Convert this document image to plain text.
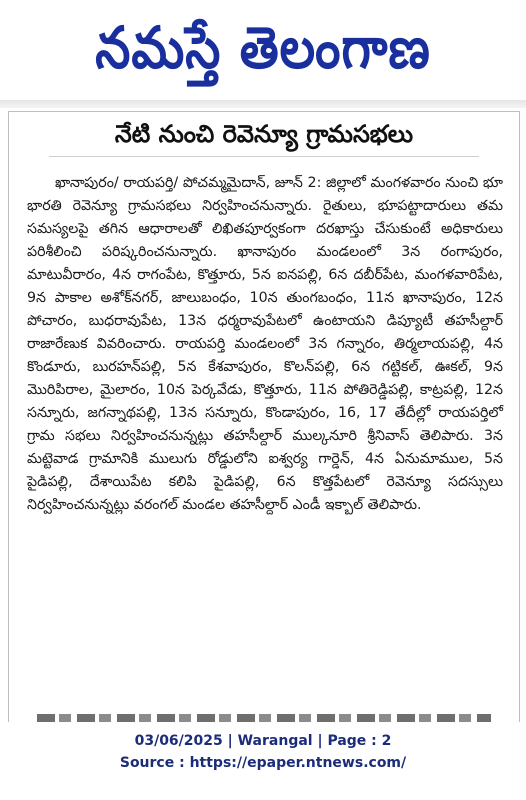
నమస్తే తెలంగాణ
నేటి నుంచి రెవెన్యూ గ్రామసభలు

ఖానాపురం/ రాయపర్తి/ పోచమ్మమైదాన్, జూన్ 2: జిల్లాలో మంగళవారం నుంచి భూ భారతి రెవెన్యూ గ్రామసభలు నిర్వహించనున్నారు. రైతులు, భూపట్టాదారులు తమ సమస్యలపై తగిన ఆధారాలతో లిఖితపూర్వకంగా దరఖాస్తు చేసుకుంటే అధికారులు పరిశీలించి పరిష్కరించనున్నారు. ఖానాపురం మండలంలో 3న రంగాపురం, మాటువీరారం, 4న రాగంపేట, కొత్తూరు, 5న ఐనపల్లి, 6న దబీర్‌పేట, మంగళవారిపేట, 9న పాకాల అశోక్‌నగర్, జాలుబంధం, 10న తుంగబంధం, 11న ఖానాపురం, 12న పోచారం, బుధరావుపేట, 13న ధర్మరావుపేటలో ఉంటాయని డిప్యూటీ తహసీల్దార్ రాజారేణుక వివరించారు. రాయపర్తి మండలంలో 3న గన్నారం, తిర్మలాయపల్లి, 4న కొండూరు, బురహన్‌పల్లి, 5న కేశవాపురం, కొలన్‌పల్లి, 6న గట్టికల్, ఊకల్, 9న మొరిపిరాల, మైలారం, 10న పెర్కవేడు, కొత్తూరు, 11న పోతిరెడ్డిపల్లి, కాట్రపల్లి, 12న సన్నూరు, జగన్నాథపల్లి, 13న సన్నూరు, కొండాపురం, 16, 17 తేదీల్లో రాయపర్తిలో గ్రామ సభలు నిర్వహించనున్నట్లు తహసీల్దార్ ముల్కనూరి శ్రీనివాస్ తెలిపారు. 3న మట్టెవాడ గ్రామానికి ములుగు రోడ్డులోని ఐశ్వర్య గార్డెన్, 4న ఏనుమాముల, 5న పైడిపల్లి, దేశాయిపేట కలిపి పైడిపల్లి, 6న కొత్తపేటలో రెవెన్యూ సదస్సులు నిర్వహించనున్నట్లు వరంగల్ మండల తహసీల్దార్ ఎండీ ఇక్బాల్ తెలిపారు.

03/06/2025 | Warangal | Page : 2
Source : https://epaper.ntnews.com/
